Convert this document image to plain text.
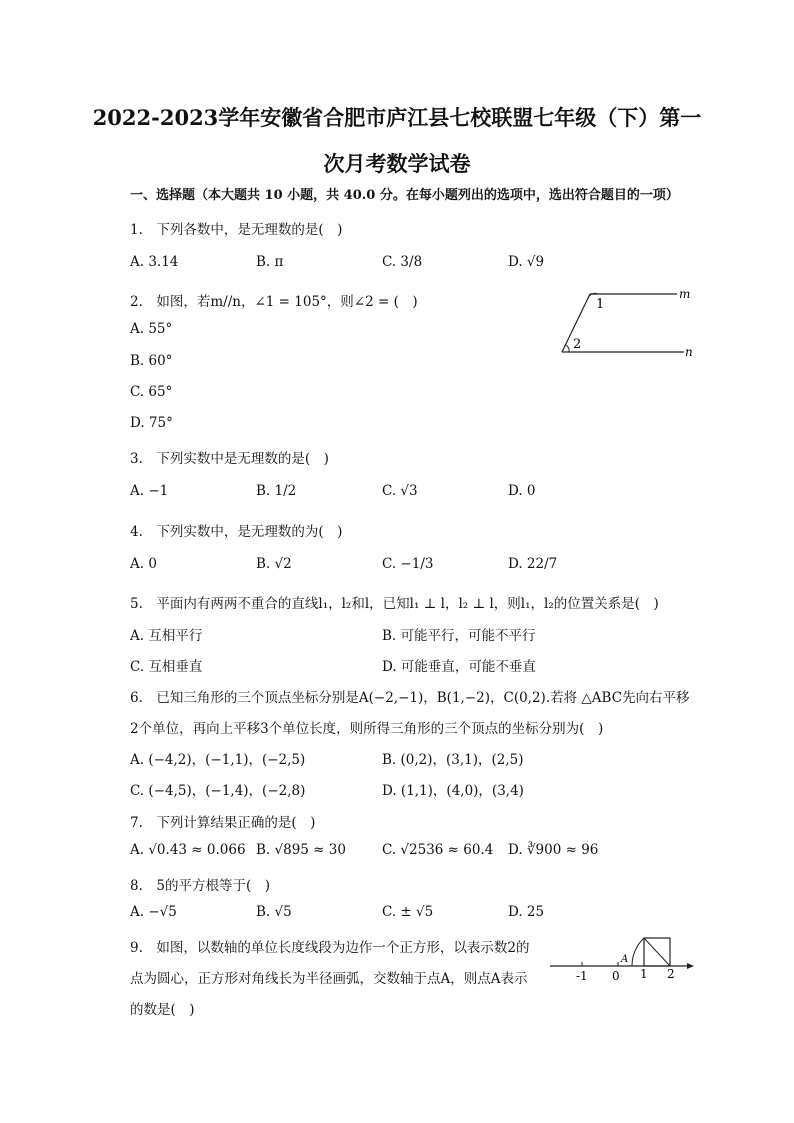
2022-2023学年安徽省合肥市庐江县七校联盟七年级（下）第一
次月考数学试卷
一、选择题（本大题共 10 小题，共 40.0 分。在每小题列出的选项中，选出符合题目的一项）
1.　下列各数中，是无理数的是(　)
A. 3.14	B. π	C. 3/8	D. √9
2.　如图，若m//n，∠1 = 105°，则∠2 = (　)
A. 55°
B. 60°
C. 65°
D. 75°
m
n
1
2
3.　下列实数中是无理数的是(　)
A. −1	B. 1/2	C. √3	D. 0
4.　下列实数中，是无理数的为(　)
A. 0	B. √2	C. −1/3	D. 22/7
5.　平面内有两两不重合的直线l₁，l₂和l，已知l₁ ⊥ l，l₂ ⊥ l，则l₁，l₂的位置关系是(　)
A. 互相平行	B. 可能平行，可能不平行
C. 互相垂直	D. 可能垂直，可能不垂直
6.　已知三角形的三个顶点坐标分别是A(−2,−1)，B(1,−2)，C(0,2).若将 △ABC先向右平移
2个单位，再向上平移3个单位长度，则所得三角形的三个顶点的坐标分别为(　)
A. (−4,2)，(−1,1)，(−2,5)	B. (0,2)，(3,1)，(2,5)
C. (−4,5)，(−1,4)，(−2,8)	D. (1,1)，(4,0)，(3,4)
7.　下列计算结果正确的是(　)
A. √0.43 ≈ 0.066 B. √895 ≈ 30	C. √2536 ≈ 60.4 D. ∛900 ≈ 96
8.　5的平方根等于(　)
A. −√5	B. √5	C. ± √5	D. 25
9.　如图，以数轴的单位长度线段为边作一个正方形，以表示数2的
点为圆心，正方形对角线长为半径画弧，交数轴于点A，则点A表示
的数是(　)
-1 0 1 2
A
